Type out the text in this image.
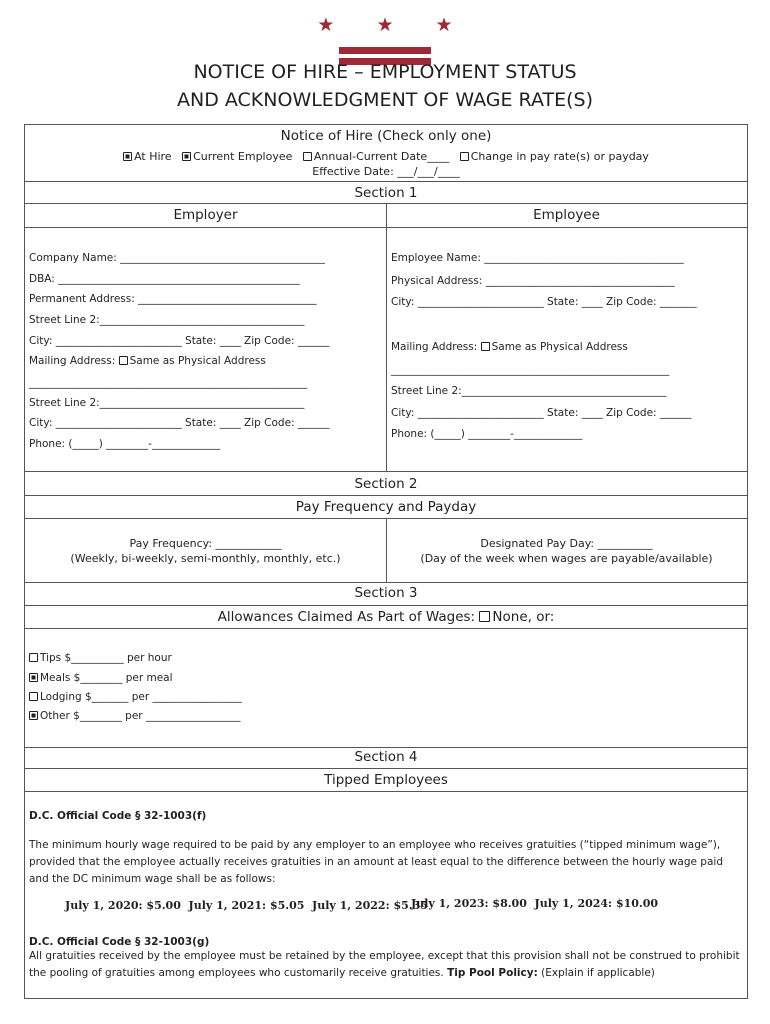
★ ★ ★
NOTICE OF HIRE – EMPLOYMENT STATUS
AND ACKNOWLEDGMENT OF WAGE RATE(S)
Notice of Hire (Check only one)
At Hire Current Employee Annual-Current Date____ Change in pay rate(s) or payday
Effective Date: ___/___/____
Section 1
Employer	Employee
Company Name: _______________________________________
DBA: ______________________________________________
Permanent Address: __________________________________
Street Line 2:_______________________________________
City: ________________________ State: ____ Zip Code: ______
Mailing Address: Same as Physical Address
_____________________________________________________
Street Line 2:_______________________________________
City: ________________________ State: ____ Zip Code: ______
Phone: (_____) ________-_____________
Employee Name: ______________________________________
Physical Address: ____________________________________
City: ________________________ State: ____ Zip Code: _______
Mailing Address: Same as Physical Address
_____________________________________________________
Street Line 2:_______________________________________
City: ________________________ State: ____ Zip Code: ______
Phone: (_____) ________-_____________
Section 2
Pay Frequency and Payday
Pay Frequency: ____________
(Weekly, bi-weekly, semi-monthly, monthly, etc.)
Designated Pay Day: __________
(Day of the week when wages are payable/available)
Section 3
Allowances Claimed As Part of Wages: None, or:
Tips $__________ per hour
Meals $________ per meal
Lodging $_______ per _________________
Other $________ per __________________
Section 4
Tipped Employees
D.C. Official Code § 32-1003(f)
The minimum hourly wage required to be paid by any employer to an employee who receives gratuities (“tipped minimum wage”), provided that the employee actually receives gratuities in an amount at least equal to the difference between the hourly wage paid and the DC minimum wage shall be as follows:
July 1, 2020: $5.00  July 1, 2021: $5.05  July 1, 2022: $5.35
July 1, 2023: $8.00  July 1, 2024: $10.00
D.C. Official Code § 32-1003(g)
All gratuities received by the employee must be retained by the employee, except that this provision shall not be construed to prohibit the pooling of gratuities among employees who customarily receive gratuities. Tip Pool Policy: (Explain if applicable)
